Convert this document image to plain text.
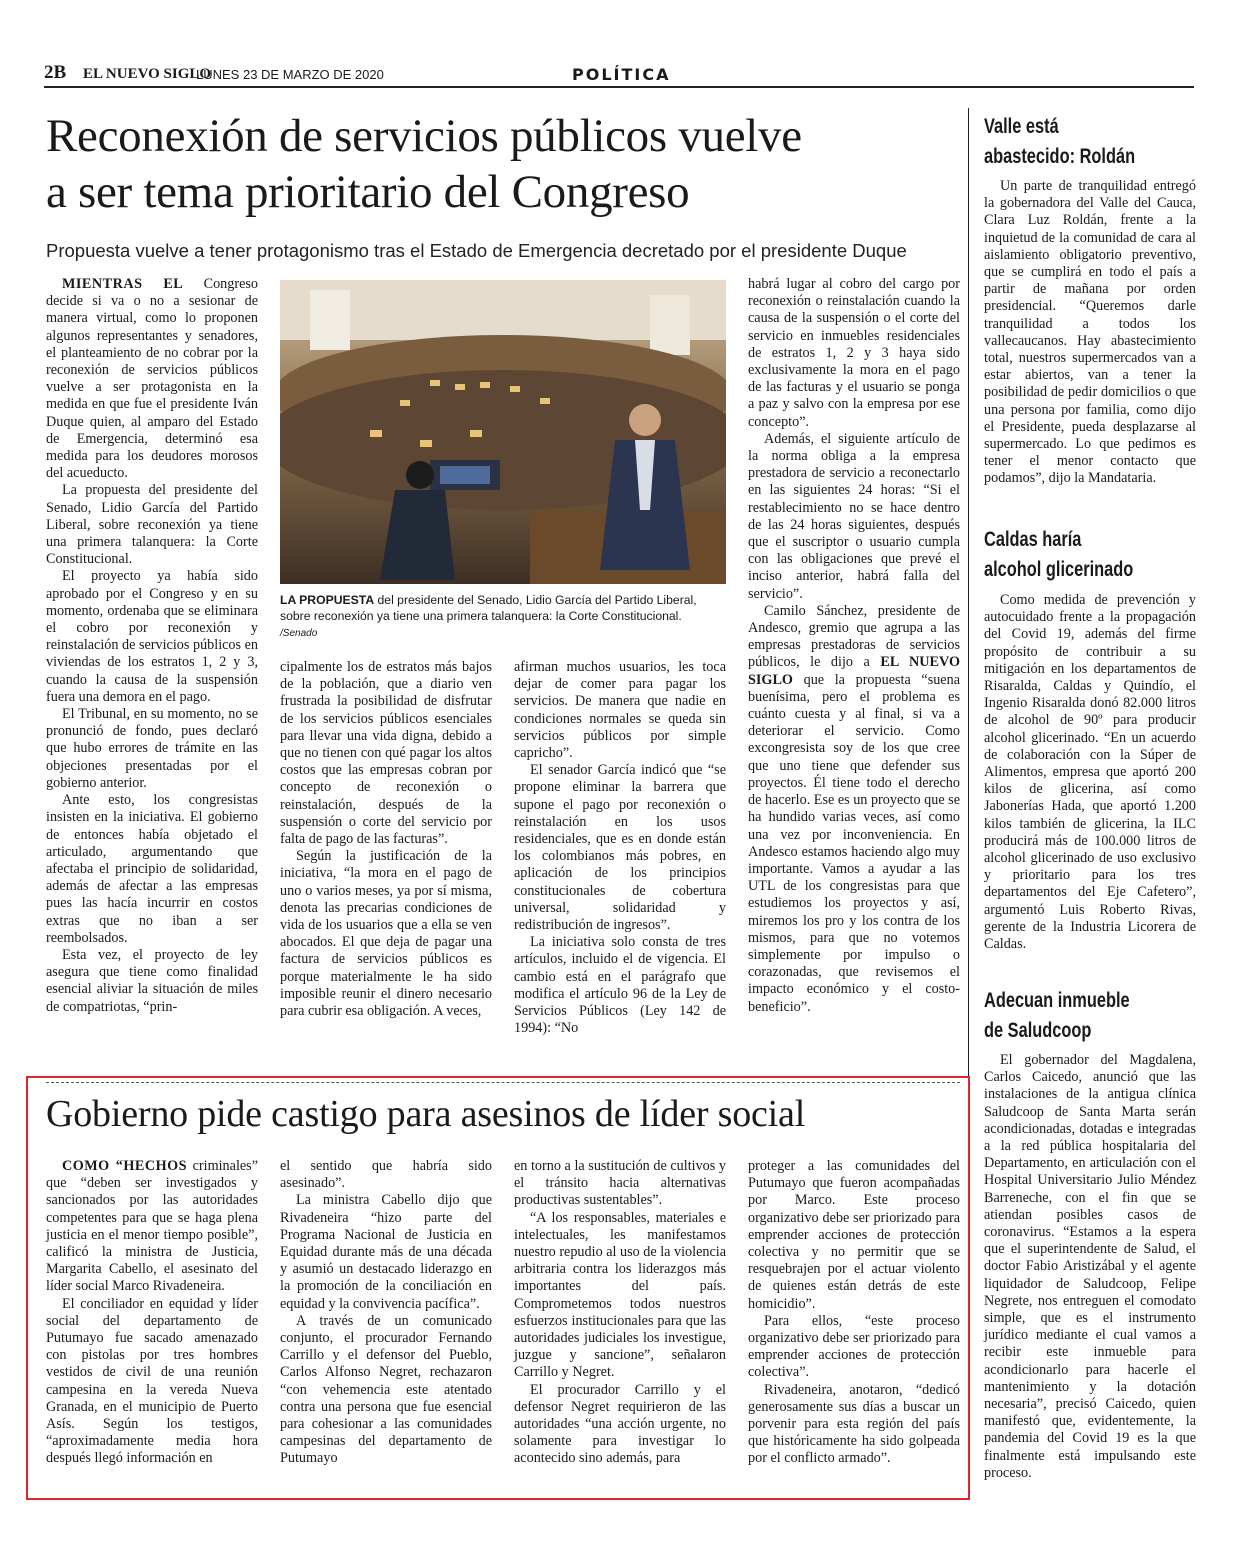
2B EL NUEVO SIGLO
LUNES 23 DE MARZO DE 2020	POLÍTICA
Reconexión de servicios públicos vuelve
a ser tema prioritario del Congreso
Propuesta vuelve a tener protagonismo tras el Estado de Emergencia decretado por el presidente Duque

MIENTRAS EL Congreso decide si va o no a sesionar de manera virtual, como lo proponen algunos representantes y senadores, el planteamiento de no cobrar por la reconexión de servicios públicos vuelve a ser protagonista en la medida en que fue el presidente Iván Duque quien, al amparo del Estado de Emergencia, determinó esa medida para los deudores morosos del acueducto.

La propuesta del presidente del Senado, Lidio García del Partido Liberal, sobre reconexión ya tiene una primera talanquera: la Corte Constitucional.

El proyecto ya había sido aprobado por el Congreso y en su momento, ordenaba que se eliminara el cobro por reconexión y reinstalación de servicios públicos en viviendas de los estratos 1, 2 y 3, cuando la causa de la suspensión fuera una demora en el pago.

El Tribunal, en su momento, no se pronunció de fondo, pues declaró que hubo errores de trámite en las objeciones presentadas por el gobierno anterior.

Ante esto, los congresistas insisten en la iniciativa. El gobierno de entonces había objetado el articulado, argumentando que afectaba el principio de solidaridad, además de afectar a las empresas pues las hacía incurrir en costos extras que no iban a ser reembolsados.

Esta vez, el proyecto de ley asegura que tiene como finalidad esencial aliviar la situación de miles de compatriotas, “prin-

LA PROPUESTA del presidente del Senado, Lidio García del Partido Liberal,
sobre reconexión ya tiene una primera talanquera: la Corte Constitucional.
/Senado

cipalmente los de estratos más bajos de la población, que a diario ven frustrada la posibilidad de disfrutar de los servicios públicos esenciales para llevar una vida digna, debido a que no tienen con qué pagar los altos costos que las empresas cobran por concepto de reconexión o reinstalación, después de la suspensión o corte del servicio por falta de pago de las facturas”.

Según la justificación de la iniciativa, “la mora en el pago de uno o varios meses, ya por sí misma, denota las precarias condiciones de vida de los usuarios que a ella se ven abocados. El que deja de pagar una factura de servicios públicos es porque materialmente le ha sido imposible reunir el dinero necesario para cubrir esa obligación. A veces,

afirman muchos usuarios, les toca dejar de comer para pagar los servicios. De manera que nadie en condiciones normales se queda sin servicios públicos por simple capricho”.

El senador García indicó que “se propone eliminar la barrera que supone el pago por reconexión o reinstalación en los usos residenciales, que es en donde están los colombianos más pobres, en aplicación de los principios constitucionales de cobertura universal, solidaridad y redistribución de ingresos”.

La iniciativa solo consta de tres artículos, incluido el de vigencia. El cambio está en el parágrafo que modifica el artículo 96 de la Ley de Servicios Públicos (Ley 142 de 1994): “No

habrá lugar al cobro del cargo por reconexión o reinstalación cuando la causa de la suspensión o el corte del servicio en inmuebles residenciales de estratos 1, 2 y 3 haya sido exclusivamente la mora en el pago de las facturas y el usuario se ponga a paz y salvo con la empresa por ese concepto”.

Además, el siguiente artículo de la norma obliga a la empresa prestadora de servicio a reconectarlo en las siguientes 24 horas: “Si el restablecimiento no se hace dentro de las 24 horas siguientes, después que el suscriptor o usuario cumpla con las obligaciones que prevé el inciso anterior, habrá falla del servicio”.

Camilo Sánchez, presidente de Andesco, gremio que agrupa a las empresas prestadoras de servicios públicos, le dijo a EL NUEVO SIGLO que la propuesta “suena buenísima, pero el problema es cuánto cuesta y al final, si va a deteriorar el servicio. Como excongresista soy de los que cree que uno tiene que defender sus proyectos. Él tiene todo el derecho de hacerlo. Ese es un proyecto que se ha hundido varias veces, así como una vez por inconveniencia. En Andesco estamos haciendo algo muy importante. Vamos a ayudar a las UTL de los congresistas para que estudiemos los proyectos y así, miremos los pro y los contra de los mismos, para que no votemos simplemente por impulso o corazonadas, que revisemos el impacto económico y el costo-beneficio”.

Valle está
abastecido: Roldán

Un parte de tranquilidad entregó la gobernadora del Valle del Cauca, Clara Luz Roldán, frente a la inquietud de la comunidad de cara al aislamiento obligatorio preventivo, que se cumplirá en todo el país a partir de mañana por orden presidencial. “Queremos darle tranquilidad a todos los vallecaucanos. Hay abastecimiento total, nuestros supermercados van a estar abiertos, van a tener la posibilidad de pedir domicilios o que una persona por familia, como dijo el Presidente, pueda desplazarse al supermercado. Lo que pedimos es tener el menor contacto que podamos”, dijo la Mandataria.

Caldas haría
alcohol glicerinado

Como medida de prevención y autocuidado frente a la propagación del Covid 19, además del firme propósito de contribuir a su mitigación en los departamentos de Risaralda, Caldas y Quindío, el Ingenio Risaralda donó 82.000 litros de alcohol de 90º para producir alcohol glicerinado. “En un acuerdo de colaboración con la Súper de Alimentos, empresa que aportó 200 kilos de glicerina, así como Jabonerías Hada, que aportó 1.200 kilos también de glicerina, la ILC producirá más de 100.000 litros de alcohol glicerinado de uso exclusivo y prioritario para los tres departamentos del Eje Cafetero”, argumentó Luis Roberto Rivas, gerente de la Industria Licorera de Caldas.

Adecuan inmueble
de Saludcoop

El gobernador del Magdalena, Carlos Caicedo, anunció que las instalaciones de la antigua clínica Saludcoop de Santa Marta serán acondicionadas, dotadas e integradas a la red pública hospitalaria del Departamento, en articulación con el Hospital Universitario Julio Méndez Barreneche, con el fin que se atiendan posibles casos de coronavirus. “Estamos a la espera que el superintendente de Salud, el doctor Fabio Aristizábal y el agente liquidador de Saludcoop, Felipe Negrete, nos entreguen el comodato simple, que es el instrumento jurídico mediante el cual vamos a recibir este inmueble para acondicionarlo para hacerle el mantenimiento y la dotación necesaria”, precisó Caicedo, quien manifestó que, evidentemente, la pandemia del Covid 19 es la que finalmente está impulsando este proceso.

Gobierno pide castigo para asesinos de líder social

COMO “HECHOS criminales” que “deben ser investigados y sancionados por las autoridades competentes para que se haga plena justicia en el menor tiempo posible”, calificó la ministra de Justicia, Margarita Cabello, el asesinato del líder social Marco Rivadeneira.

El conciliador en equidad y líder social del departamento de Putumayo fue sacado amenazado con pistolas por tres hombres vestidos de civil de una reunión campesina en la vereda Nueva Granada, en el municipio de Puerto Asís. Según los testigos, “aproximadamente media hora después llegó información en

el sentido que habría sido asesinado”.

La ministra Cabello dijo que Rivadeneira “hizo parte del Programa Nacional de Justicia en Equidad durante más de una década y asumió un destacado liderazgo en la promoción de la conciliación en equidad y la convivencia pacífica”.

A través de un comunicado conjunto, el procurador Fernando Carrillo y el defensor del Pueblo, Carlos Alfonso Negret, rechazaron “con vehemencia este atentado contra una persona que fue esencial para cohesionar a las comunidades campesinas del departamento de Putumayo

en torno a la sustitución de cultivos y el tránsito hacia alternativas productivas sustentables”.

“A los responsables, materiales e intelectuales, les manifestamos nuestro repudio al uso de la violencia arbitraria contra los liderazgos más importantes del país. Comprometemos todos nuestros esfuerzos institucionales para que las autoridades judiciales los investigue, juzgue y sancione”, señalaron Carrillo y Negret.

El procurador Carrillo y el defensor Negret requirieron de las autoridades “una acción urgente, no solamente para investigar lo acontecido sino además, para

proteger a las comunidades del Putumayo que fueron acompañadas por Marco. Este proceso organizativo debe ser priorizado para emprender acciones de protección colectiva y no permitir que se resquebrajen por el actuar violento de quienes están detrás de este homicidio”.

Para ellos, “este proceso organizativo debe ser priorizado para emprender acciones de protección colectiva”.

Rivadeneira, anotaron, “dedicó generosamente sus días a buscar un porvenir para esta región del país que históricamente ha sido golpeada por el conflicto armado”.
